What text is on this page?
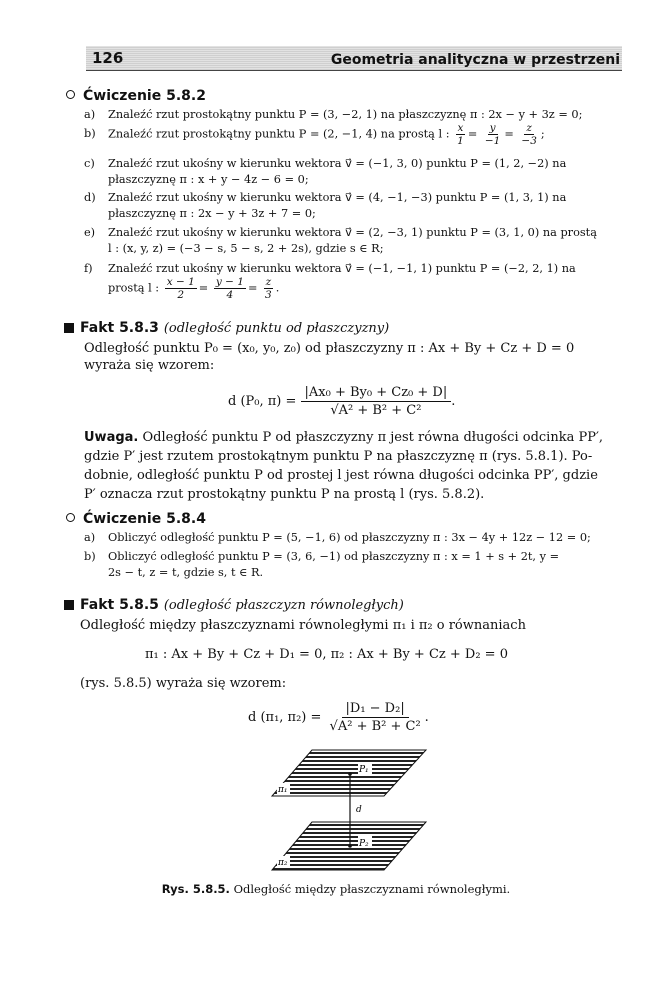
126	Geometria analityczna w przestrzeni
Ćwiczenie 5.8.2
a) Znaleźć rzut prostokątny punktu P = (3, −2, 1) na płaszczyznę π : 2x − y + 3z = 0;
b) Znaleźć rzut prostokątny punktu P = (2, −1, 4) na prostą l : $\frac{x}{1} = \frac{y}{-1} = \frac{z}{-3}$ ;
c) Znaleźć rzut ukośny w kierunku wektora v⃗ = (−1, 3, 0) punktu P = (1, 2, −2) na
płaszczyznę π : x + y − 4z − 6 = 0;
d) Znaleźć rzut ukośny w kierunku wektora v⃗ = (4, −1, −3) punktu P = (1, 3, 1) na
płaszczyznę π : 2x − y + 3z + 7 = 0;
e) Znaleźć rzut ukośny w kierunku wektora v⃗ = (2, −3, 1) punktu P = (3, 1, 0) na prostą
l : (x, y, z) = (−3 − s, 5 − s, 2 + 2s), gdzie s ∈ R;
f) Znaleźć rzut ukośny w kierunku wektora v⃗ = (−1, −1, 1) punktu P = (−2, 2, 1) na
prostą l : $\frac{x - 1}{2} = \frac{y - 1}{4} = \frac{z}{3}$ .
Fakt 5.8.3 (odległość punktu od płaszczyzny)
Odległość punktu P₀ = (x₀, y₀, z₀) od płaszczyzny π : Ax + By + Cz + D = 0
wyraża się wzorem:
d (P₀, $\pi) = \frac{\text{|Ax₀ + By₀ + Cz₀ + D|}}{\text{√A² + B² + C²}}$ .
Uwaga. Odległość punktu P od płaszczyzny π jest równa długości odcinka PP′,
gdzie P′ jest rzutem prostokątnym punktu P na płaszczyznę π (rys. 5.8.1). Po-
dobnie, odległość punktu P od prostej l jest równa długości odcinka PP′, gdzie
P′ oznacza rzut prostokątny punktu P na prostą l (rys. 5.8.2).
Ćwiczenie 5.8.4
a) Obliczyć odległość punktu P = (5, −1, 6) od płaszczyzny π : 3x − 4y + 12z − 12 = 0;
b) Obliczyć odległość punktu P = (3, 6, −1) od płaszczyzny π : x = 1 + s + 2t, y =
2s − t, z = t, gdzie s, t ∈ R.
Fakt 5.8.5 (odległość płaszczyzn równoległych)
Odległość między płaszczyznami równoległymi π₁ i π₂ o równaniach
π₁ : Ax + By + Cz + D₁ = 0, π₂ : Ax + By + Cz + D₂ = 0
(rys. 5.8.5) wyraża się wzorem:
d (π₁, $\pi_2) = \frac{\text{|D₁ − D₂|}}{\text{√A² + B² + C²}}$ .
P₁
P₂
π₁
π₂
d
Rys. 5.8.5. Odległość między płaszczyznami równoległymi.
